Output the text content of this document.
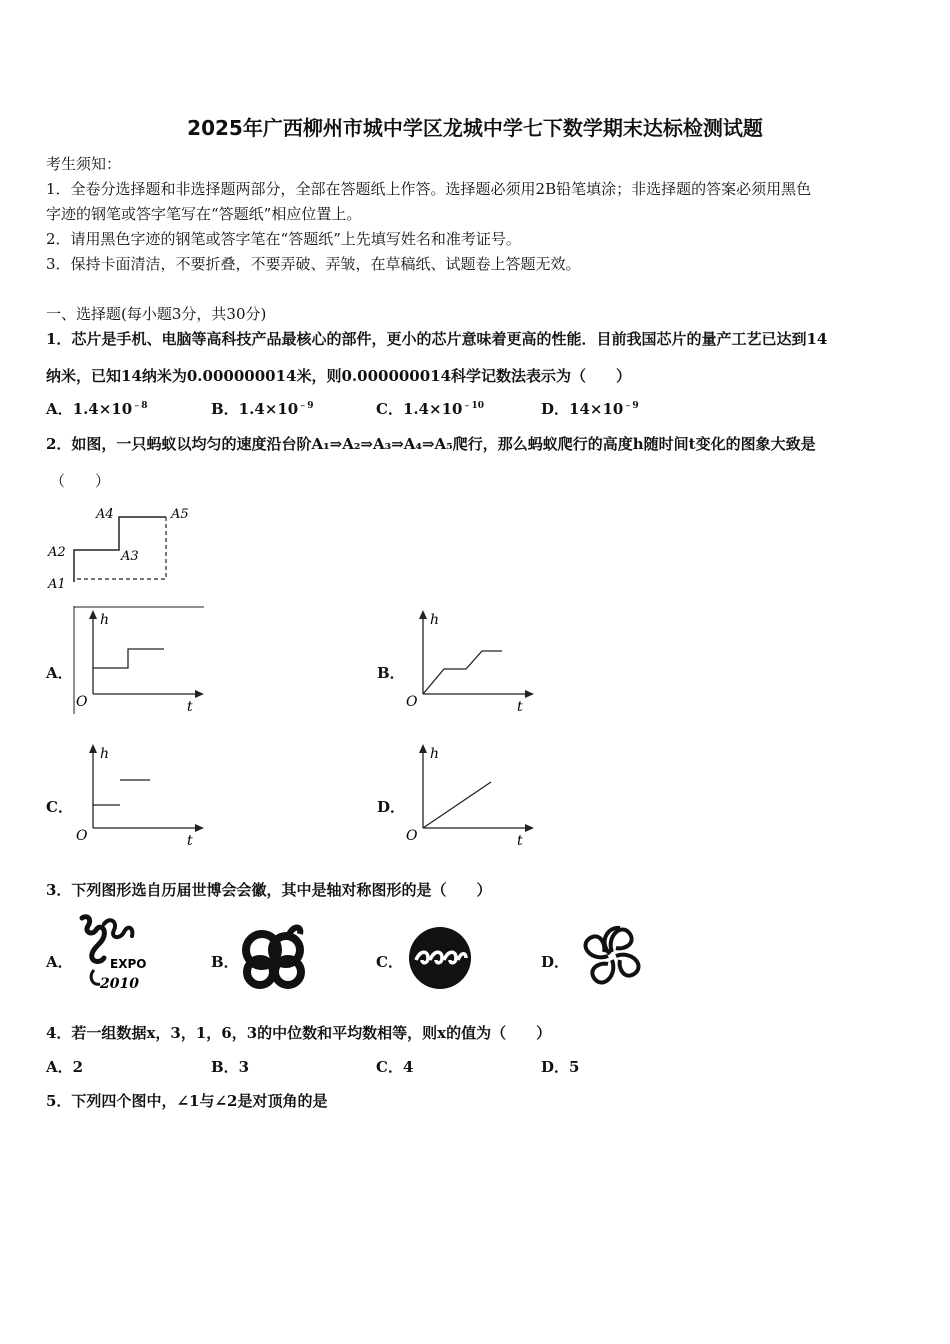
2025年广西柳州市城中学区龙城中学七下数学期末达标检测试题
考生须知：
1．全卷分选择题和非选择题两部分，全部在答题纸上作答。选择题必须用2B铅笔填涂；非选择题的答案必须用黑色
字迹的钢笔或答字笔写在“答题纸”相应位置上。
2．请用黑色字迹的钢笔或答字笔在“答题纸”上先填写姓名和准考证号。
3．保持卡面清洁，不要折叠，不要弄破、弄皱，在草稿纸、试题卷上答题无效。
一、选择题(每小题3分，共30分)
1．芯片是手机、电脑等高科技产品最核心的部件，更小的芯片意味着更高的性能．目前我国芯片的量产工艺已达到14
纳米，已知14纳米为0.000000014米，则0.000000014科学记数法表示为（　　）
A．$1.4\times 10^{﹣8}$	B．$1.4\times 10^{﹣9}$	C．$1.4\times 10^{﹣10}$	D．$14\times 10^{﹣9}$
2．如图，一只蚂蚁以均匀的速度沿台阶A₁⇒A₂⇒A₃⇒A₄⇒A₅爬行，那么蚂蚁爬行的高度h随时间t变化的图象大致是
（　　）
A4	A5
A2	A3
A1
A．
h
O	t
B．
h
O	t
C．
h
O	t
D．
h
O	t
3．下列图形选自历届世博会会徽，其中是轴对称图形的是（　　）
A．	EXPO
2010
B．	C．	D．
4．若一组数据x，3，1，6，3的中位数和平均数相等，则x的值为（　　）
A．2	B．3	C．4	D．5
5．下列四个图中，∠1与∠2是对顶角的是
